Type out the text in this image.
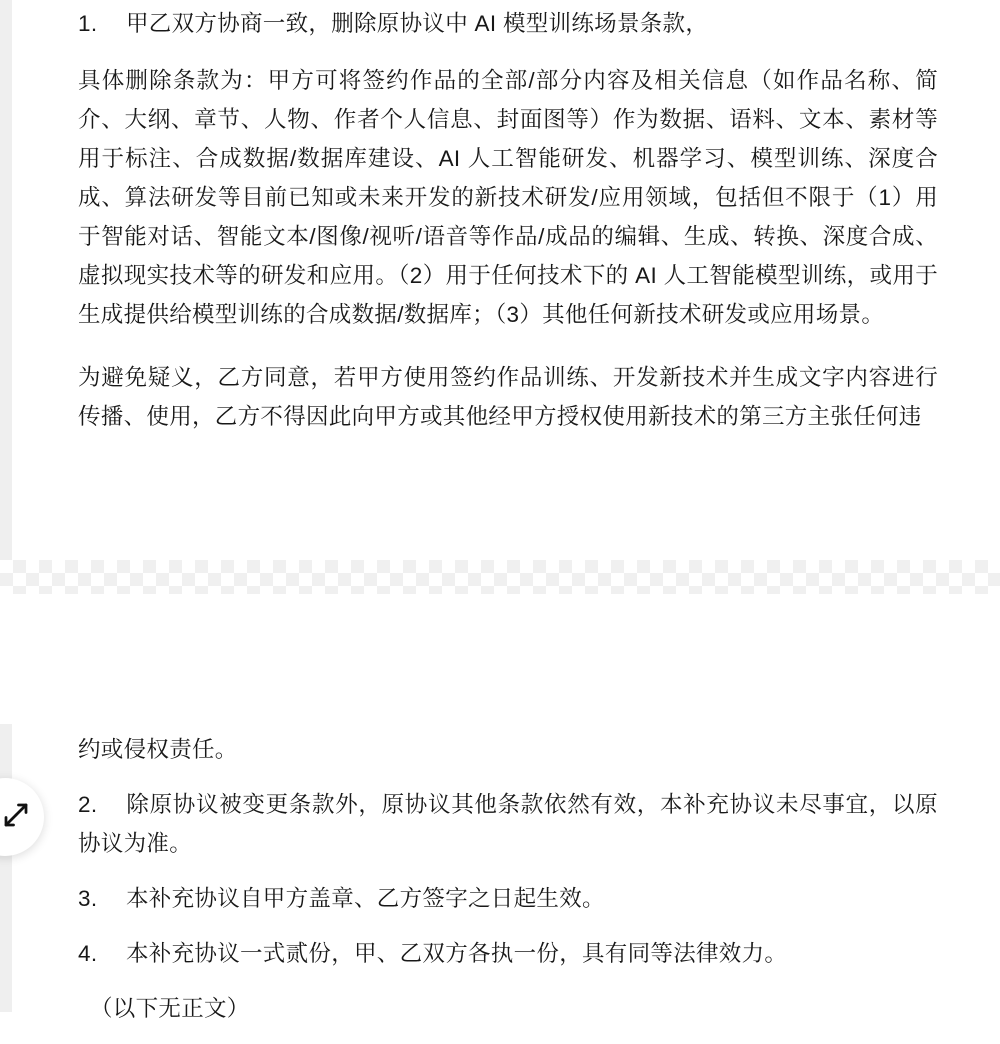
1. 甲乙双方协商一致，删除原协议中 AI 模型训练场景条款，

具体删除条款为：甲方可将签约作品的全部/部分内容及相关信息（如作品名称、简介、大纲、章节、人物、作者个人信息、封面图等）作为数据、语料、文本、素材等用于标注、合成数据/数据库建设、AI 人工智能研发、机器学习、模型训练、深度合成、算法研发等目前已知或未来开发的新技术研发/应用领域，包括但不限于（1）用于智能对话、智能文本/图像/视听/语音等作品/成品的编辑、生成、转换、深度合成、虚拟现实技术等的研发和应用。（2）用于任何技术下的 AI 人工智能模型训练，或用于生成提供给模型训练的合成数据/数据库；（3）其他任何新技术研发或应用场景。

为避免疑义，乙方同意，若甲方使用签约作品训练、开发新技术并生成文字内容进行传播、使用，乙方不得因此向甲方或其他经甲方授权使用新技术的第三方主张任何违

约或侵权责任。

2. 除原协议被变更条款外，原协议其他条款依然有效，本补充协议未尽事宜，以原协议为准。

3. 本补充协议自甲方盖章、乙方签字之日起生效。

4. 本补充协议一式贰份，甲、乙双方各执一份，具有同等法律效力。

（以下无正文）
